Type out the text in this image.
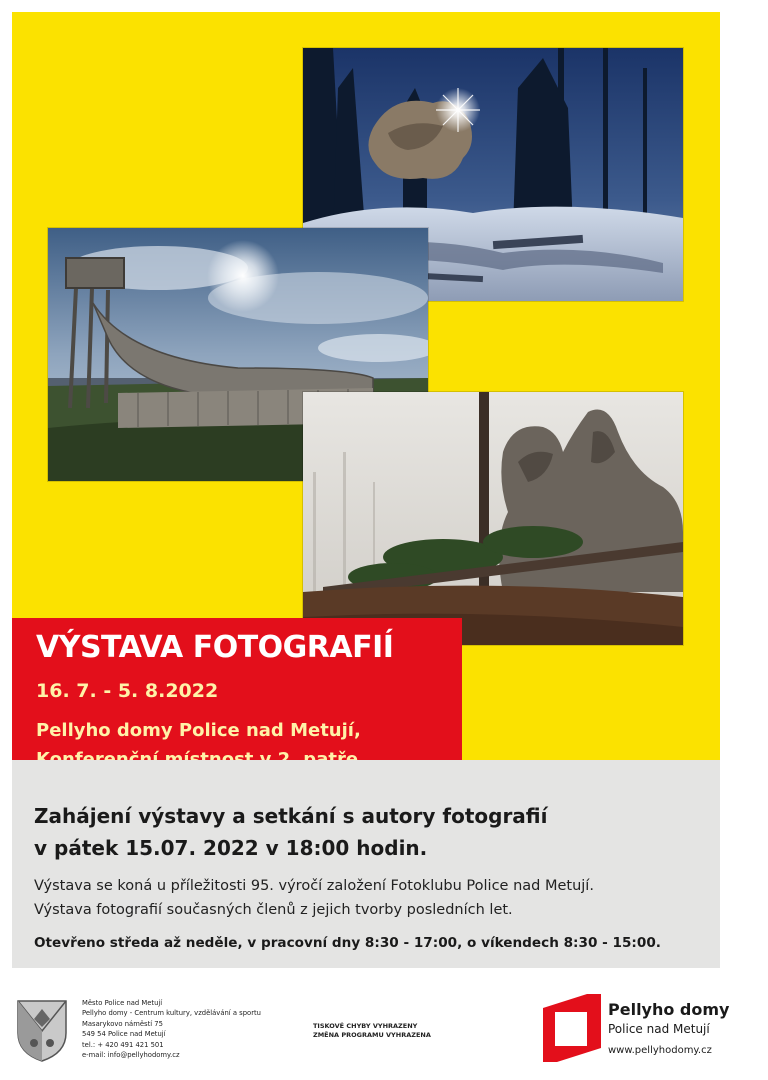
VÝSTAVA FOTOGRAFIÍ
16. 7. - 5. 8.2022
Pellyho domy Police nad Metují,
Zahájení výstavy a setkání s autory fotografií
v pátek 15.07. 2022 v 18:00 hodin.
Výstava se koná u příležitosti 95. výročí založení Fotoklubu Police nad Metují.
Výstava fotografií současných členů z jejich tvorby posledních let.
Otevřeno středa až neděle, v pracovní dny 8:30 - 17:00, o víkendech 8:30 - 15:00.
Město Police nad Metují
Pellyho domy - Centrum kultury, vzdělávání a sportu
Masarykovo náměstí 75
549 54 Police nad Metují
tel.: + 420 491 421 501
e-mail: info@pellyhodomy.cz
TISKOVÉ CHYBY VYHRAZENY
ZMĚNA PROGRAMU VYHRAZENA
Pellyho domy
Police nad Metují
www.pellyhodomy.cz
